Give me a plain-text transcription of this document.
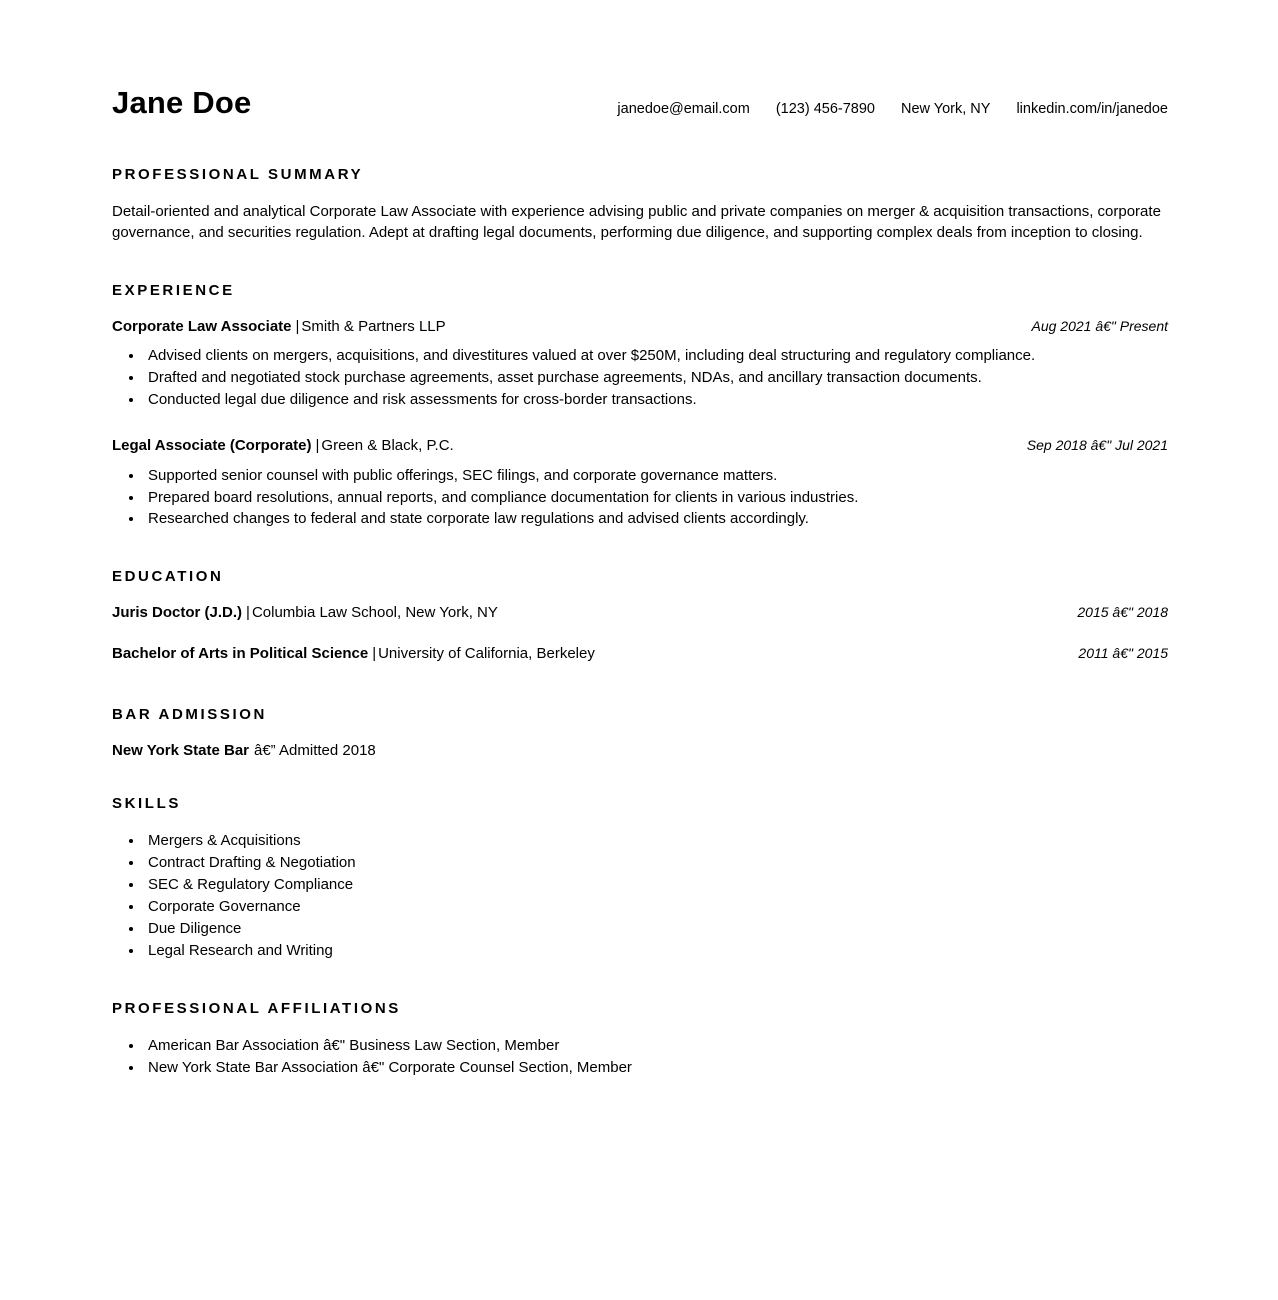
Jane Doe	janedoe@email.com (123) 456-7890 New York, NY linkedin.com/in/janedoe
PROFESSIONAL SUMMARY

Detail-oriented and analytical Corporate Law Associate with experience advising public and private companies on merger & acquisition transactions, corporate governance, and securities regulation. Adept at drafting legal documents, performing due diligence, and supporting complex deals from inception to closing.

EXPERIENCE
Corporate Law Associate | Smith & Partners LLP	Aug 2021 â€" Present
• Advised clients on mergers, acquisitions, and divestitures valued at over $250M, including deal structuring and regulatory compliance.
• Drafted and negotiated stock purchase agreements, asset purchase agreements, NDAs, and ancillary transaction documents.
• Conducted legal due diligence and risk assessments for cross-border transactions.
Legal Associate (Corporate) | Green & Black, P.C.	Sep 2018 â€" Jul 2021
• Supported senior counsel with public offerings, SEC filings, and corporate governance matters.
• Prepared board resolutions, annual reports, and compliance documentation for clients in various industries.
• Researched changes to federal and state corporate law regulations and advised clients accordingly.
EDUCATION
Juris Doctor (J.D.) | Columbia Law School, New York, NY	2015 â€" 2018
Bachelor of Arts in Political Science | University of California, Berkeley	2011 â€" 2015
BAR ADMISSION
New York State Bar â€” Admitted 2018
SKILLS
• Mergers & Acquisitions
• Contract Drafting & Negotiation
• SEC & Regulatory Compliance
• Corporate Governance
• Due Diligence
• Legal Research and Writing
PROFESSIONAL AFFILIATIONS
• American Bar Association â€" Business Law Section, Member
• New York State Bar Association â€" Corporate Counsel Section, Member
